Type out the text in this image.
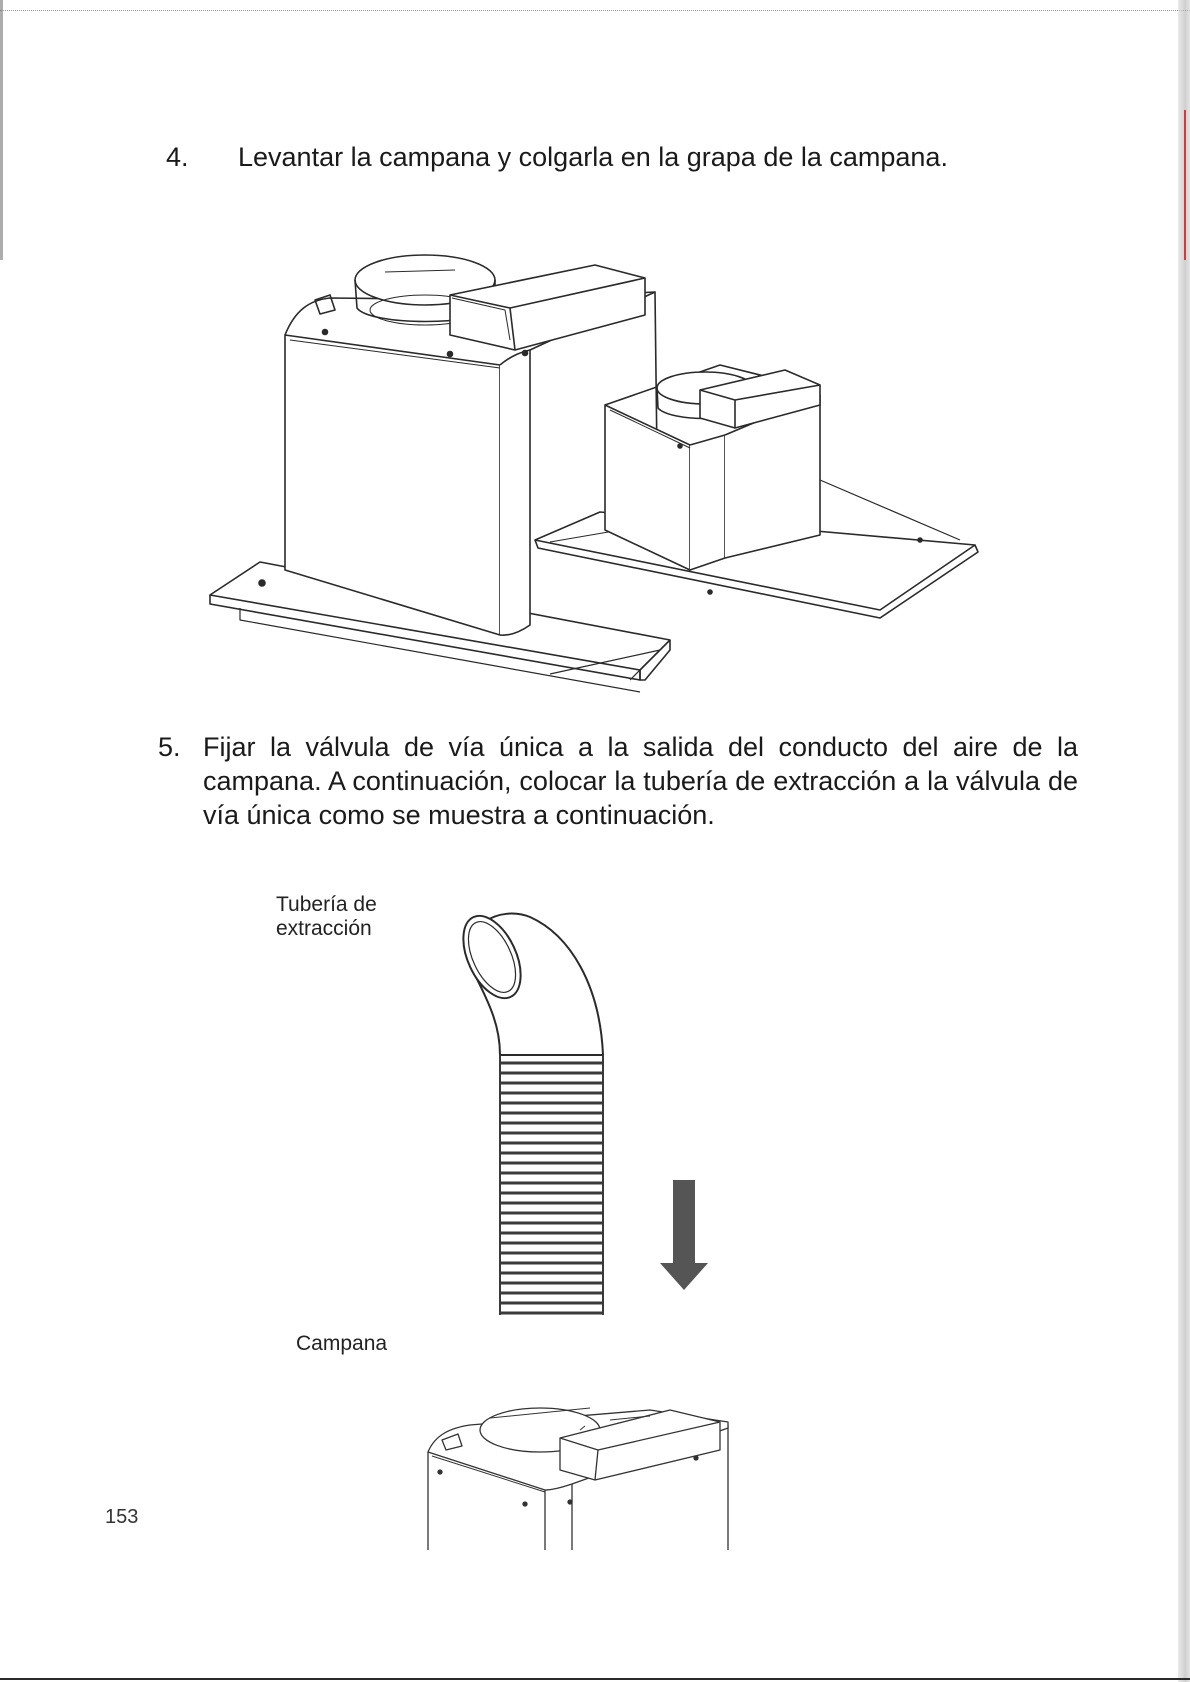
4. Levantar la campana y colgarla en la grapa de la campana.
5. Fijar la válvula de vía única a la salida del conducto del aire de la campana. A continuación, colocar la tubería de extracción a la válvula de vía única como se muestra a continuación.
Tubería de
extracción
Campana
153
